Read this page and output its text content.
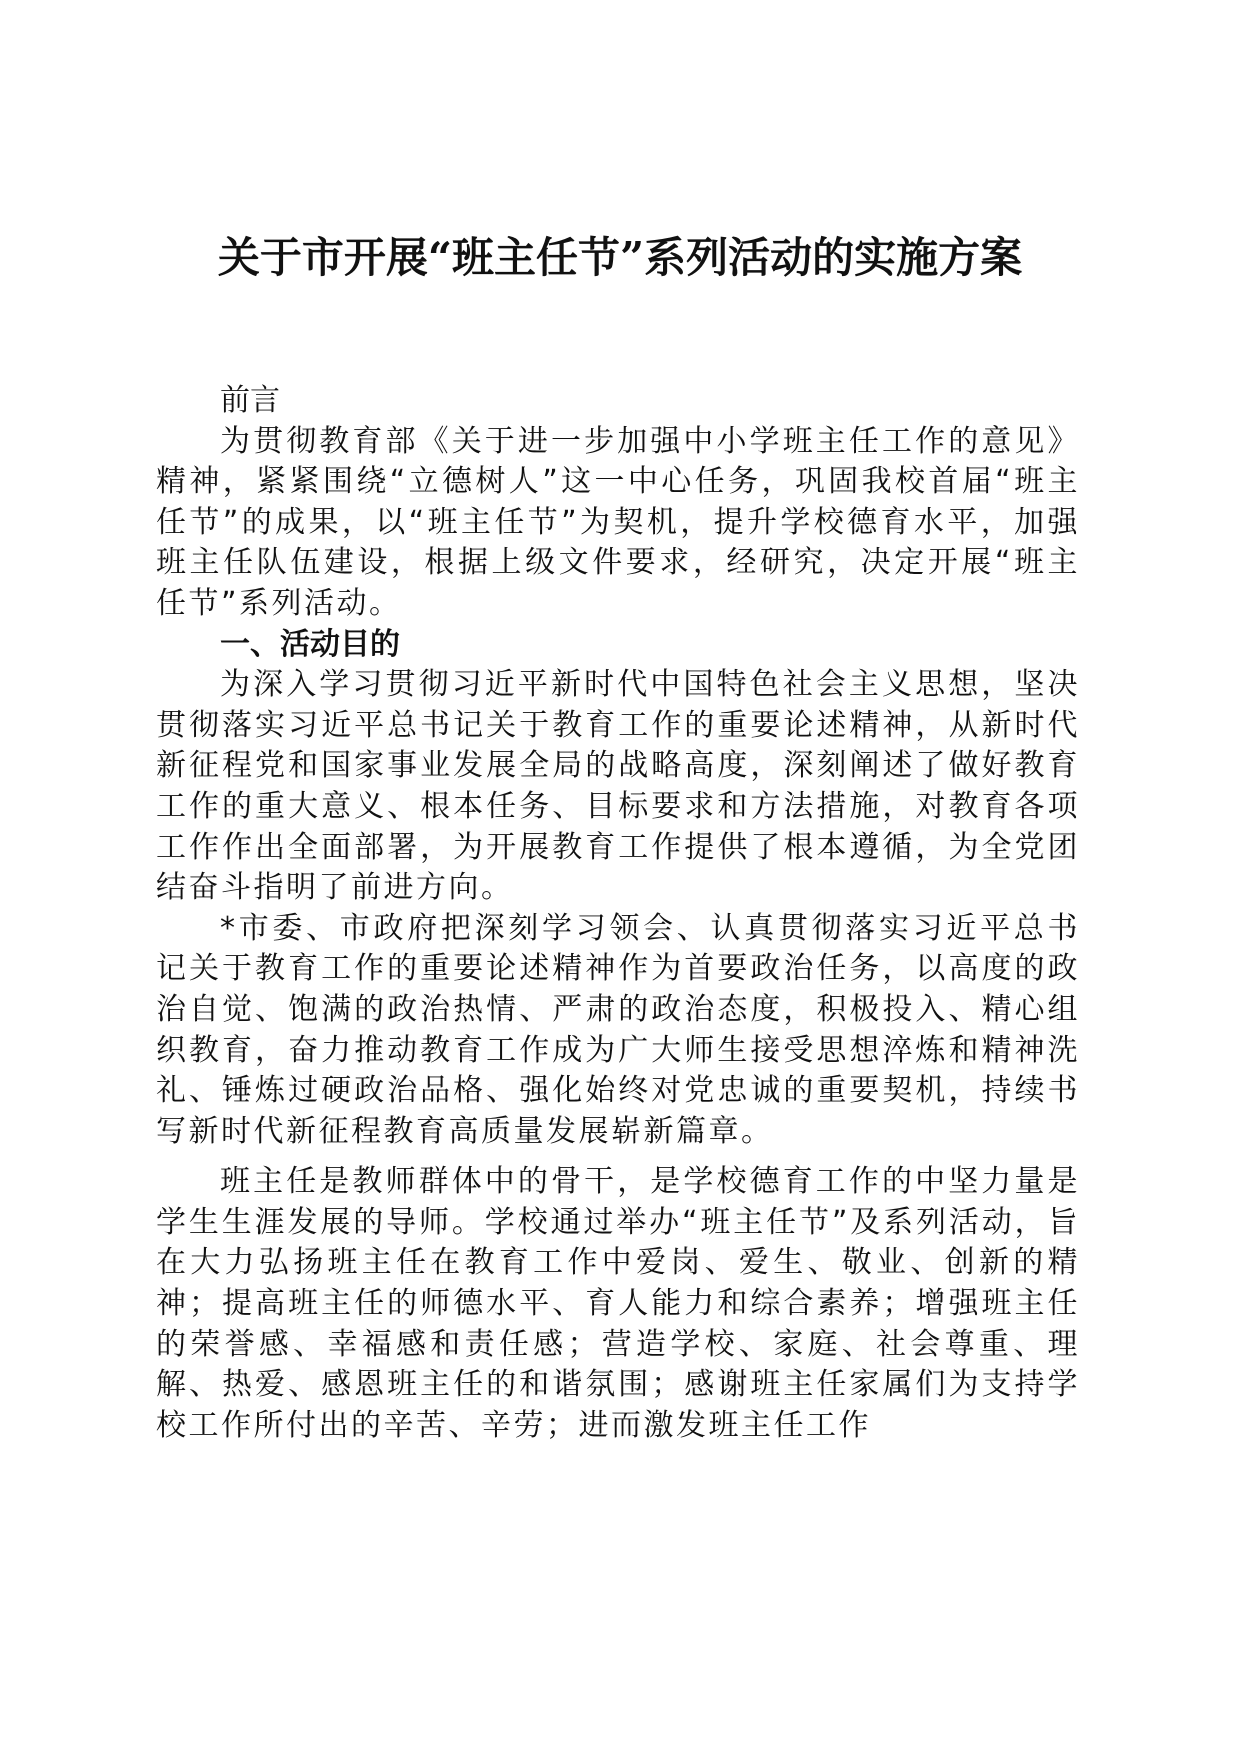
关于市开展“班主任节”系列活动的实施方案

前言

为贯彻教育部《关于进一步加强中小学班主任工作的意见》精神，紧紧围绕“立德树人”这一中心任务，巩固我校首届“班主任节”的成果，以“班主任节”为契机，提升学校德育水平，加强班主任队伍建设，根据上级文件要求，经研究，决定开展“班主任节”系列活动。

一、活动目的

为深入学习贯彻习近平新时代中国特色社会主义思想，坚决贯彻落实习近平总书记关于教育工作的重要论述精神，从新时代新征程党和国家事业发展全局的战略高度，深刻阐述了做好教育工作的重大意义、根本任务、目标要求和方法措施，对教育各项工作作出全面部署，为开展教育工作提供了根本遵循，为全党团结奋斗指明了前进方向。

*市委、市政府把深刻学习领会、认真贯彻落实习近平总书记关于教育工作的重要论述精神作为首要政治任务，以高度的政治自觉、饱满的政治热情、严肃的政治态度，积极投入、精心组织教育，奋力推动教育工作成为广大师生接受思想淬炼和精神洗礼、锤炼过硬政治品格、强化始终对党忠诚的重要契机，持续书写新时代新征程教育高质量发展崭新篇章。

班主任是教师群体中的骨干，是学校德育工作的中坚力量是学生生涯发展的导师。学校通过举办“班主任节”及系列活动，旨在大力弘扬班主任在教育工作中爱岗、爱生、敬业、创新的精神；提高班主任的师德水平、育人能力和综合素养；增强班主任的荣誉感、幸福感和责任感；营造学校、家庭、社会尊重、理解、热爱、感恩班主任的和谐氛围；感谢班主任家属们为支持学校工作所付出的辛苦、辛劳；进而激发班主任工作
